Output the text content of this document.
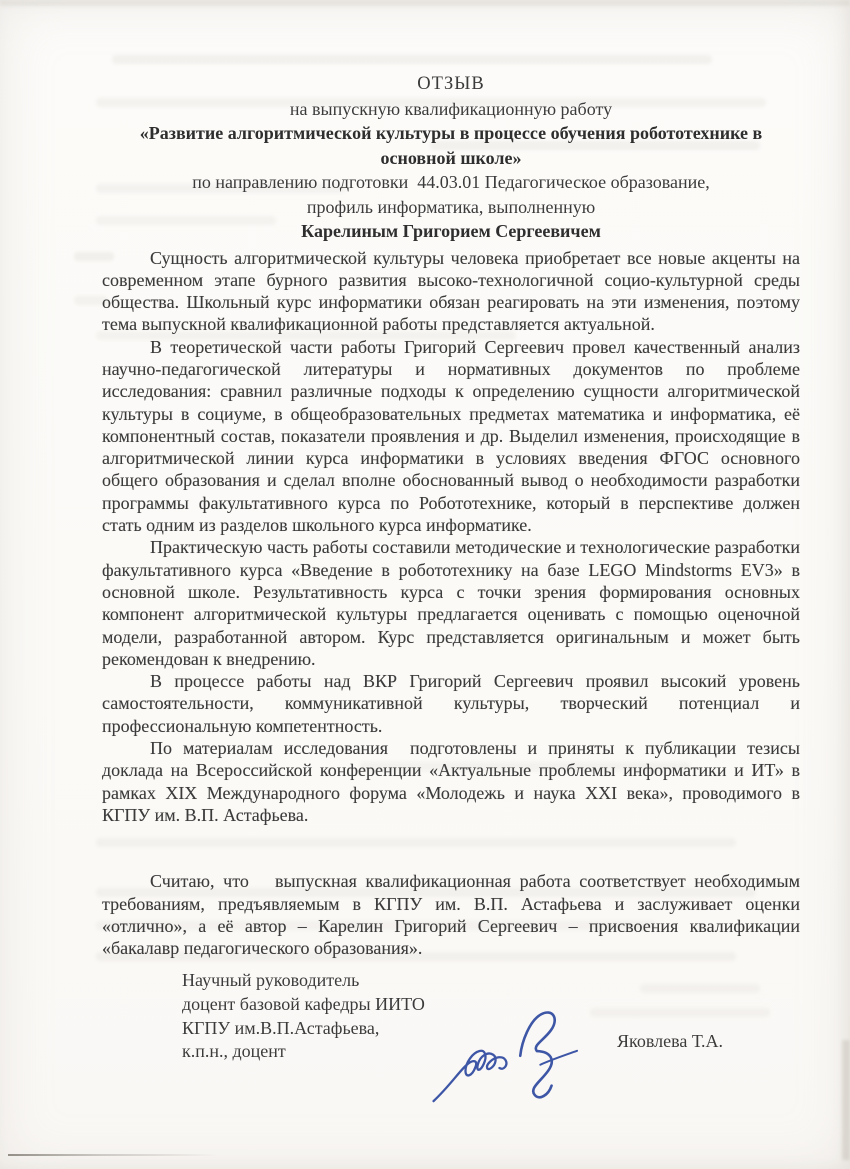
ОТЗЫВ
на выпускную квалификационную работу
«Развитие алгоритмической культуры в процессе обучения робототехнике в основной школе»
по направлению подготовки  44.03.01 Педагогическое образование,
профиль информатика, выполненную
Карелиным Григорием Сергеевичем

Сущность алгоритмической культуры человека приобретает все новые акценты на современном этапе бурного развития высоко-технологичной социо-культурной среды общества. Школьный курс информатики обязан реагировать на эти изменения, поэтому тема выпускной квалификационной работы представляется актуальной.

В теоретической части работы Григорий Сергеевич провел качественный анализ научно-педагогической литературы и нормативных документов по проблеме исследования: сравнил различные подходы к определению сущности алгоритмической культуры в социуме, в общеобразовательных предметах математика и информатика, её компонентный состав, показатели проявления и др. Выделил изменения, происходящие в алгоритмической линии курса информатики в условиях введения ФГОС основного общего образования и сделал вполне обоснованный вывод о необходимости разработки программы факультативного курса по Робототехнике, который в перспективе должен стать одним из разделов школьного курса информатике.

Практическую часть работы составили методические и технологические разработки факультативного курса «Введение в робототехнику на базе LEGO Mindstorms EV3» в основной школе. Результативность курса с точки зрения формирования основных компонент алгоритмической культуры предлагается оценивать с помощью оценочной модели, разработанной автором. Курс представляется оригинальным и может быть рекомендован к внедрению.

В процессе работы над ВКР Григорий Сергеевич проявил высокий уровень самостоятельности, коммуникативной культуры, творческий потенциал и профессиональную компетентность.

По материалам исследования  подготовлены и приняты к публикации тезисы доклада на Всероссийской конференции «Актуальные проблемы информатики и ИТ» в рамках XIX Международного форума «Молодежь и наука XXI века», проводимого в КГПУ им. В.П. Астафьева.

Считаю, что   выпускная квалификационная работа соответствует необходимым требованиям, предъявляемым в КГПУ им. В.П. Астафьева и заслуживает оценки «отлично», а её автор – Карелин Григорий Сергеевич – присвоения квалификации «бакалавр педагогического образования».

Научный руководитель
доцент базовой кафедры ИИТО
КГПУ им.В.П.Астафьева,
к.п.н., доцент
Яковлева Т.А.
